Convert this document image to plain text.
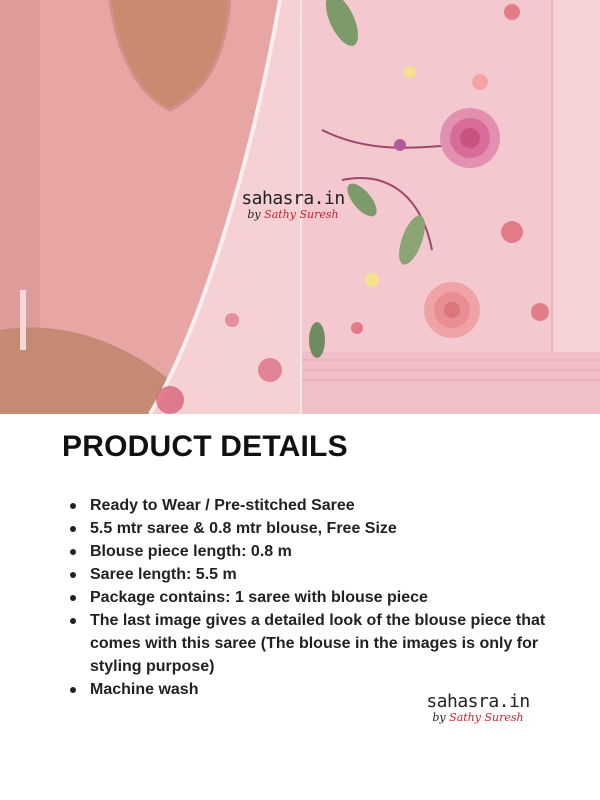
sahasra.in
by Sathy Suresh
PRODUCT DETAILS
Ready to Wear / Pre-stitched Saree
5.5 mtr saree & 0.8 mtr blouse, Free Size
Blouse piece length: 0.8 m
Saree length: 5.5 m
Package contains: 1 saree with blouse piece
The last image gives a detailed look of the blouse piece that comes with this saree (The blouse in the images is only for styling purpose)
Machine wash
sahasra.in
by Sathy Suresh
